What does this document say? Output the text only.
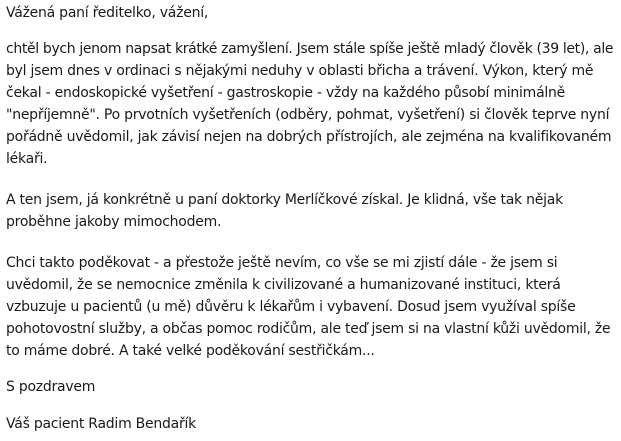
Vážená paní ředitelko, vážení,
chtěl bych jenom napsat krátké zamyšlení. Jsem stále spíše ještě mladý člověk (39 let), ale
byl jsem dnes v ordinaci s nějakými neduhy v oblasti břicha a trávení. Výkon, který mě
čekal - endoskopické vyšetření - gastroskopie - vždy na každého působí minimálně
"nepříjemně". Po prvotních vyšetřeních (odběry, pohmat, vyšetření) si člověk teprve nyní
pořádně uvědomil, jak závisí nejen na dobrých přístrojích, ale zejména na kvalifikovaném
lékaři.
A ten jsem, já konkrétně u paní doktorky Merlíčkové získal. Je klidná, vše tak nějak
proběhne jakoby mimochodem.
Chci takto poděkovat - a přestože ještě nevím, co vše se mi zjistí dále - že jsem si
uvědomil, že se nemocnice změnila k civilizované a humanizované instituci, která
vzbuzuje u pacientů (u mě) důvěru k lékařům i vybavení. Dosud jsem využíval spíše
pohotovostní služby, a občas pomoc rodičům, ale teď jsem si na vlastní kůži uvědomil, že
to máme dobré. A také velké poděkování sestřičkám...
S pozdravem
Váš pacient Radim Bendařík
